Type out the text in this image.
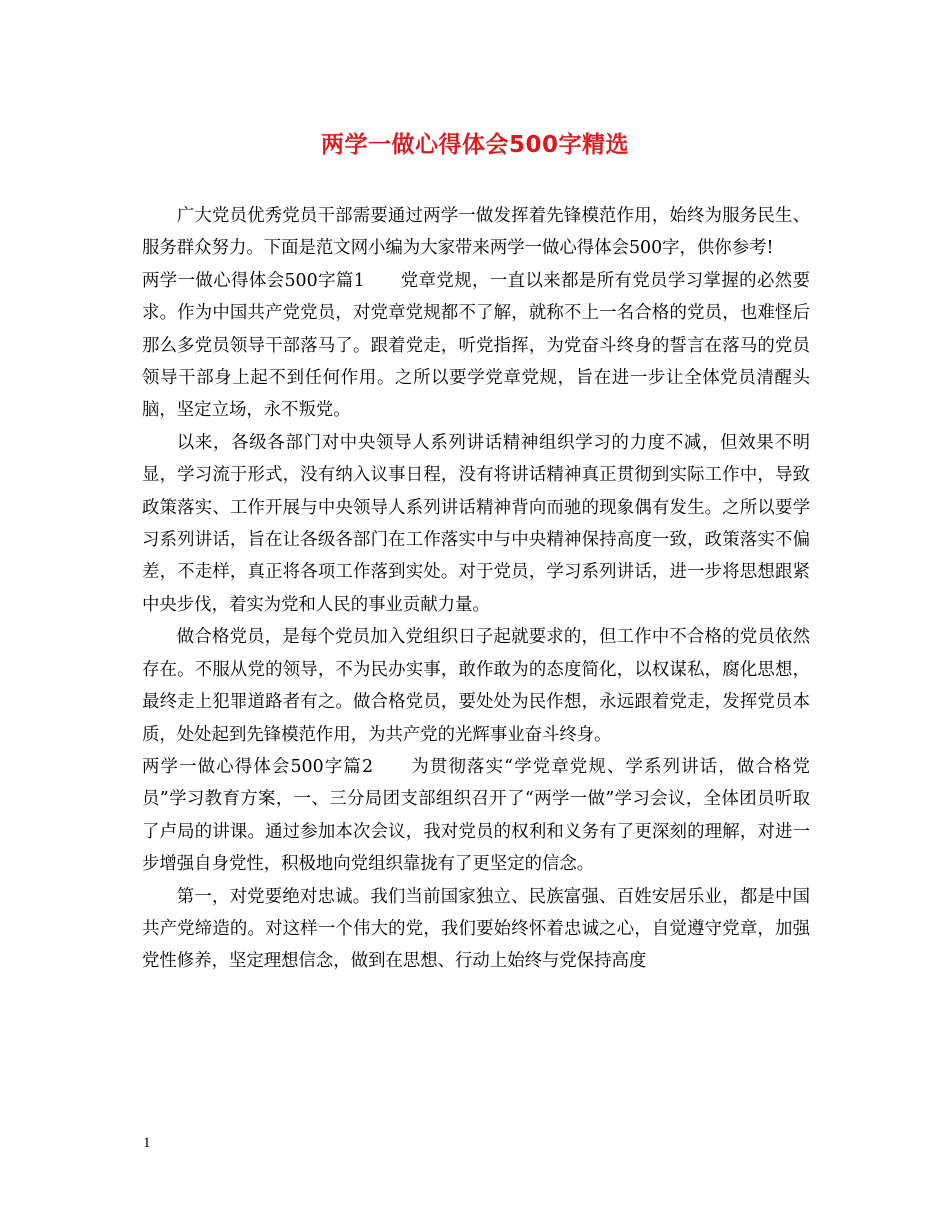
两学一做心得体会500字精选

广大党员优秀党员干部需要通过两学一做发挥着先锋模范作用，始终为服务民生、服务群众努力。下面是范文网小编为大家带来两学一做心得体会500字，供你参考!

两学一做心得体会500字篇1　　党章党规，一直以来都是所有党员学习掌握的必然要求。作为中国共产党党员，对党章党规都不了解，就称不上一名合格的党员，也难怪后那么多党员领导干部落马了。跟着党走，听党指挥，为党奋斗终身的誓言在落马的党员领导干部身上起不到任何作用。之所以要学党章党规，旨在进一步让全体党员清醒头脑，坚定立场，永不叛党。

以来，各级各部门对中央领导人系列讲话精神组织学习的力度不减，但效果不明显，学习流于形式，没有纳入议事日程，没有将讲话精神真正贯彻到实际工作中，导致政策落实、工作开展与中央领导人系列讲话精神背向而驰的现象偶有发生。之所以要学习系列讲话，旨在让各级各部门在工作落实中与中央精神保持高度一致，政策落实不偏差，不走样，真正将各项工作落到实处。对于党员，学习系列讲话，进一步将思想跟紧中央步伐，着实为党和人民的事业贡献力量。

做合格党员，是每个党员加入党组织日子起就要求的，但工作中不合格的党员依然存在。不服从党的领导，不为民办实事，敢作敢为的态度简化，以权谋私，腐化思想，最终走上犯罪道路者有之。做合格党员，要处处为民作想，永远跟着党走，发挥党员本质，处处起到先锋模范作用，为共产党的光辉事业奋斗终身。

两学一做心得体会500字篇2　　为贯彻落实“学党章党规、学系列讲话，做合格党员”学习教育方案，一、三分局团支部组织召开了“两学一做”学习会议，全体团员听取了卢局的讲课。通过参加本次会议，我对党员的权利和义务有了更深刻的理解，对进一步增强自身党性，积极地向党组织靠拢有了更坚定的信念。

第一，对党要绝对忠诚。我们当前国家独立、民族富强、百姓安居乐业，都是中国共产党缔造的。对这样一个伟大的党，我们要始终怀着忠诚之心，自觉遵守党章，加强党性修养，坚定理想信念，做到在思想、行动上始终与党保持高度

1
